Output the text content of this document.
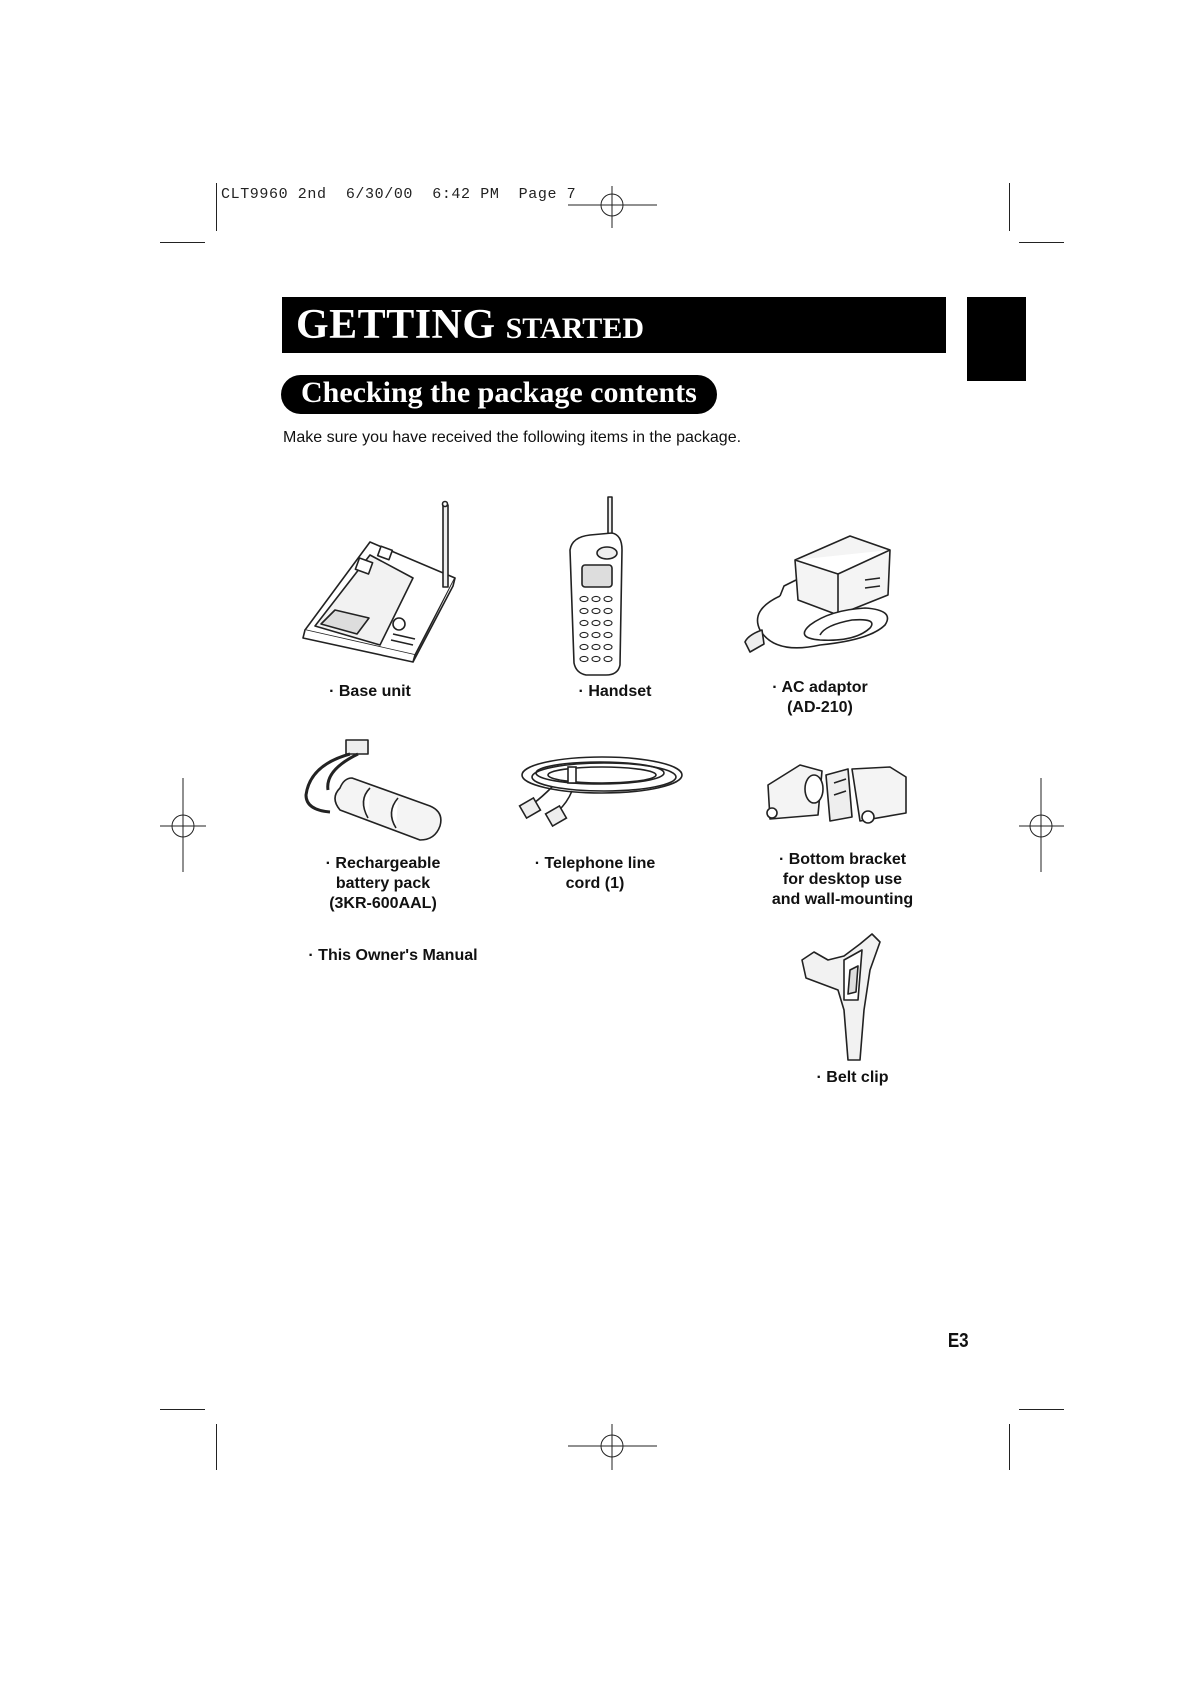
CLT9960 2nd  6/30/00  6:42 PM  Page 7
GETTING STARTED
Checking the package contents
Make sure you have received the following items in the package.
· Base unit	· Handset	· AC adaptor
(AD-210)
· Rechargeable
battery pack
(3KR-600AAL)
· Telephone line
cord (1)
· Bottom bracket
for desktop use
and wall-mounting
· This Owner's Manual
· Belt clip
E3
